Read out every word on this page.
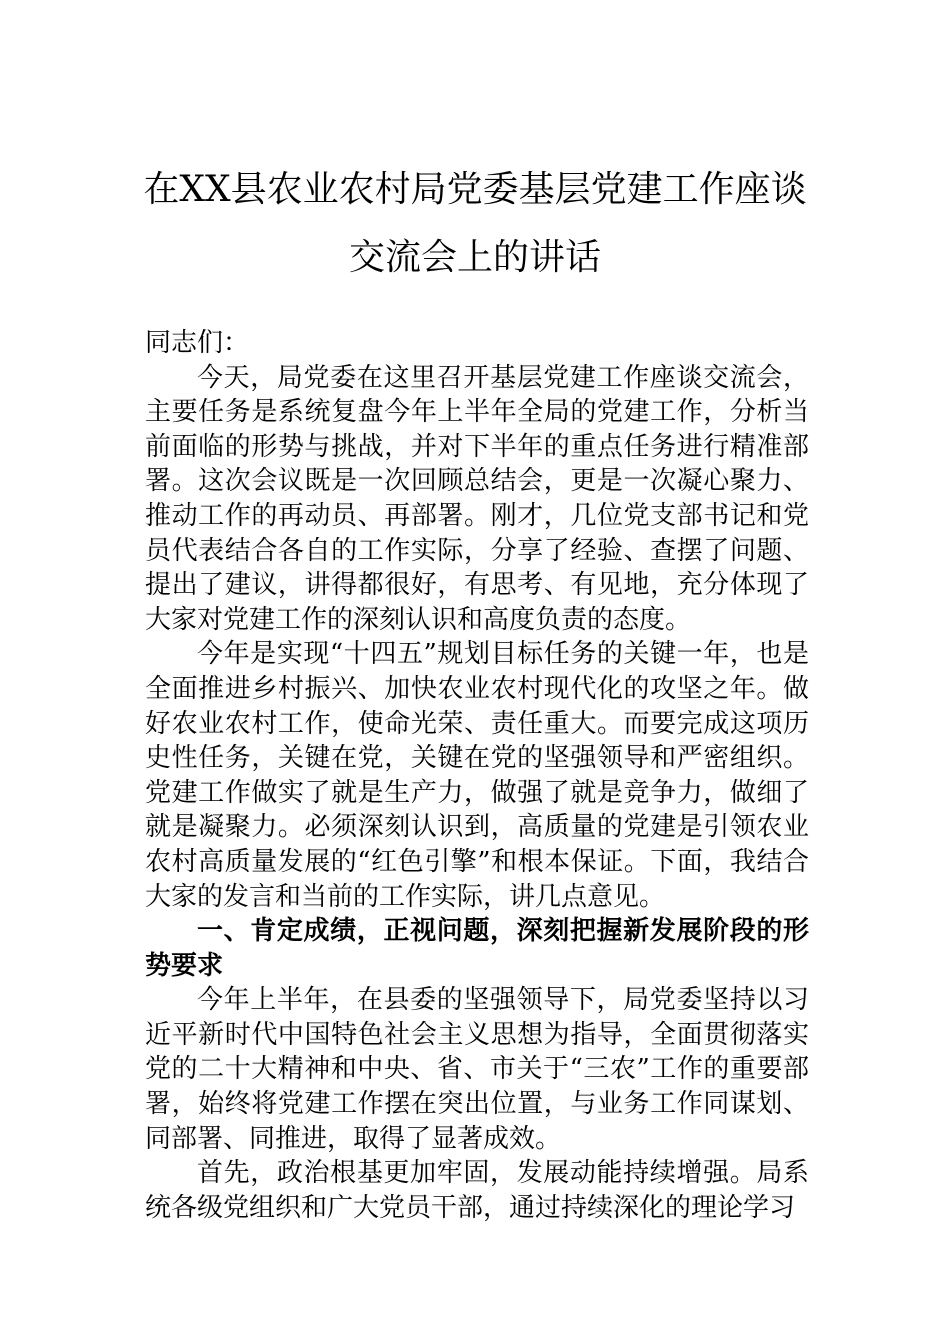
在XX县农业农村局党委基层党建工作座谈
交流会上的讲话

同志们：

今天，局党委在这里召开基层党建工作座谈交流会，主要任务是系统复盘今年上半年全局的党建工作，分析当前面临的形势与挑战，并对下半年的重点任务进行精准部署。这次会议既是一次回顾总结会，更是一次凝心聚力、推动工作的再动员、再部署。刚才，几位党支部书记和党员代表结合各自的工作实际，分享了经验、查摆了问题、提出了建议，讲得都很好，有思考、有见地，充分体现了大家对党建工作的深刻认识和高度负责的态度。

今年是实现“十四五”规划目标任务的关键一年，也是全面推进乡村振兴、加快农业农村现代化的攻坚之年。做好农业农村工作，使命光荣、责任重大。而要完成这项历史性任务，关键在党，关键在党的坚强领导和严密组织。党建工作做实了就是生产力，做强了就是竞争力，做细了就是凝聚力。必须深刻认识到，高质量的党建是引领农业农村高质量发展的“红色引擎”和根本保证。下面，我结合大家的发言和当前的工作实际，讲几点意见。

一、肯定成绩，正视问题，深刻把握新发展阶段的形势要求

今年上半年，在县委的坚强领导下，局党委坚持以习近平新时代中国特色社会主义思想为指导，全面贯彻落实党的二十大精神和中央、省、市关于“三农”工作的重要部署，始终将党建工作摆在突出位置，与业务工作同谋划、同部署、同推进，取得了显著成效。

首先，政治根基更加牢固，发展动能持续增强。局系统各级党组织和广大党员干部，通过持续深化的理论学习
